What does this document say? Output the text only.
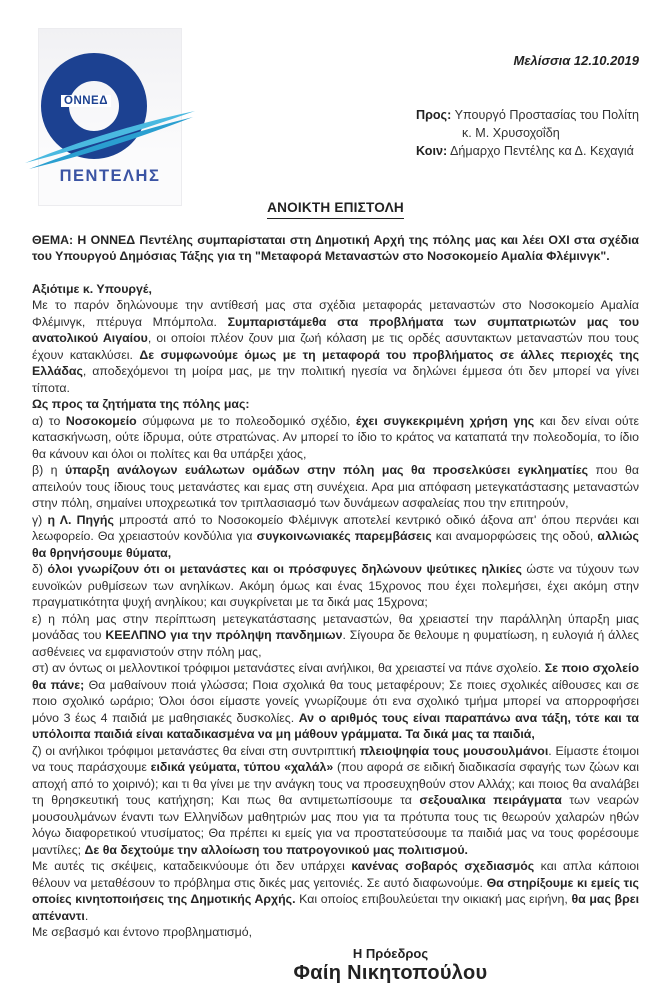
ΟΝΝΕΔ
ΠΕΝΤΕΛΗΣ
Μελίσσια 12.10.2019
Προς: Υπουργό Προστασίας του Πολίτη
κ. Μ. Χρυσοχοΐδη
Κοιν: Δήμαρχο Πεντέλης κα Δ. Κεχαγιά
ΑΝΟΙΚΤΗ ΕΠΙΣΤΟΛΗ

ΘΕΜΑ: Η ΟΝΝΕΔ Πεντέλης συμπαρίσταται στη Δημοτική Αρχή της πόλης μας και λέει ΟΧΙ στα σχέδια του Υπουργού Δημόσιας Τάξης για τη "Μεταφορά Μεταναστών στο Νοσοκομείο Αμαλία Φλέμινγκ".

Αξιότιμε κ. Υπουργέ,

Με το παρόν δηλώνουμε την αντίθεσή μας στα σχέδια μεταφοράς μεταναστών στο Νοσοκομείο Αμαλία Φλέμινγκ, πτέρυγα Μπόμπολα. Συμπαριστάμεθα στα προβλήματα των συμπατριωτών μας του ανατολικού Αιγαίου, οι οποίοι πλέον ζουν μια ζωή κόλαση με τις ορδές ασυντακτων μεταναστών που τους έχουν κατακλύσει. Δε συμφωνούμε όμως με τη μεταφορά του προβλήματος σε άλλες περιοχές της Ελλάδας, αποδεχόμενοι τη μοίρα μας, με την πολιτική ηγεσία να δηλώνει έμμεσα ότι δεν μπορεί να γίνει τίποτα.

Ως προς τα ζητήματα της πόλης μας:

α) το Νοσοκομείο σύμφωνα με το πολεοδομικό σχέδιο, έχει συγκεκριμένη χρήση γης και δεν είναι ούτε κατασκήνωση, ούτε ίδρυμα, ούτε στρατώνας. Αν μπορεί το ίδιο το κράτος να καταπατά την πολεοδομία, το ίδιο θα κάνουν και όλοι οι πολίτες και θα υπάρξει χάος,

β) η ύπαρξη ανάλογων ευάλωτων ομάδων στην πόλη μας θα προσελκύσει εγκληματίες που θα απειλούν τους ίδιους τους μετανάστες και εμας στη συνέχεια. Αρα μια απόφαση μετεγκατάστασης μεταναστών στην πόλη, σημαίνει υποχρεωτικά τον τριπλασιασμό των δυνάμεων ασφαλείας που την επιτηρούν,

γ) η Λ. Πηγής μπροστά από το Νοσοκομείο Φλέμινγκ αποτελεί κεντρικό οδικό άξονα απ' όπου περνάει και λεωφορείο. Θα χρειαστούν κονδύλια για συγκοινωνιακές παρεμβάσεις και αναμορφώσεις της οδού, αλλιώς θα θρηνήσουμε θύματα,

δ) όλοι γνωρίζουν ότι οι μετανάστες και οι πρόσφυγες δηλώνουν ψεύτικες ηλικίες ώστε να τύχουν των ευνοϊκών ρυθμίσεων των ανηλίκων. Ακόμη όμως και ένας 15χρονος που έχει πολεμήσει, έχει ακόμη στην πραγματικότητα ψυχή ανηλίκου; και συγκρίνεται με τα δικά μας 15χρονα;

ε) η πόλη μας στην περίπτωση μετεγκατάστασης μεταναστών, θα χρειαστεί την παράλληλη ύπαρξη μιας μονάδας του ΚΕΕΛΠΝΟ για την πρόληψη πανδημιων. Σίγουρα δε θελουμε η φυματίωση, η ευλογιά ή άλλες ασθένειες να εμφανιστούν στην πόλη μας,

στ) αν όντως οι μελλοντικοί τρόφιμοι μετανάστες είναι ανήλικοι, θα χρειαστεί να πάνε σχολείο. Σε ποιο σχολείο θα πάνε; Θα μαθαίνουν ποιά γλώσσα; Ποια σχολικά θα τους μεταφέρουν; Σε ποιες σχολικές αίθουσες και σε ποιο σχολικό ωράριο; Όλοι όσοι είμαστε γονείς γνωρίζουμε ότι ενα σχολικό τμήμα μπορεί να απορροφήσει μόνο 3 έως 4 παιδιά με μαθησιακές δυσκολίες. Αν ο αριθμός τους είναι παραπάνω ανα τάξη, τότε και τα υπόλοιπα παιδιά είναι καταδικασμένα να μη μάθουν γράμματα. Τα δικά μας τα παιδιά,

ζ) οι ανήλικοι τρόφιμοι μετανάστες θα είναι στη συντριπτική πλειοψηφία τους μουσουλμάνοι. Είμαστε έτοιμοι να τους παράσχουμε ειδικά γεύματα, τύπου «χαλάλ» (που αφορά σε ειδική διαδικασία σφαγής των ζώων και αποχή από το χοιρινό); και τι θα γίνει με την ανάγκη τους να προσευχηθούν στον Αλλάχ; και ποιος θα αναλάβει τη θρησκευτική τους κατήχηση; Και πως θα αντιμετωπίσουμε τα σεξουαλικα πειράγματα των νεαρών μουσουλμάνων έναντι των Ελληνίδων μαθητριών μας που για τα πρότυπα τους τις θεωρούν χαλαρών ηθών λόγω διαφορετικού ντυσίματος; Θα πρέπει κι εμείς για να προστατεύσουμε τα παιδιά μας να τους φορέσουμε μαντίλες; Δε θα δεχτούμε την αλλοίωση του πατρογονικού μας πολιτισμού.

Με αυτές τις σκέψεις, καταδεικνύουμε ότι δεν υπάρχει κανένας σοβαρός σχεδιασμός και απλα κάποιοι θέλουν να μεταθέσουν το πρόβλημα στις δικές μας γειτονιές. Σε αυτό διαφωνούμε. Θα στηρίξουμε κι εμείς τις οποίες κινητοποιήσεις της Δημοτικής Αρχής. Και οποίος επιβουλεύεται την οικιακή μας ειρήνη, θα μας βρει απέναντι.

Με σεβασμό και έντονο προβληματισμό,

Η Πρόεδρος
Φαίη Νικητοπούλου
